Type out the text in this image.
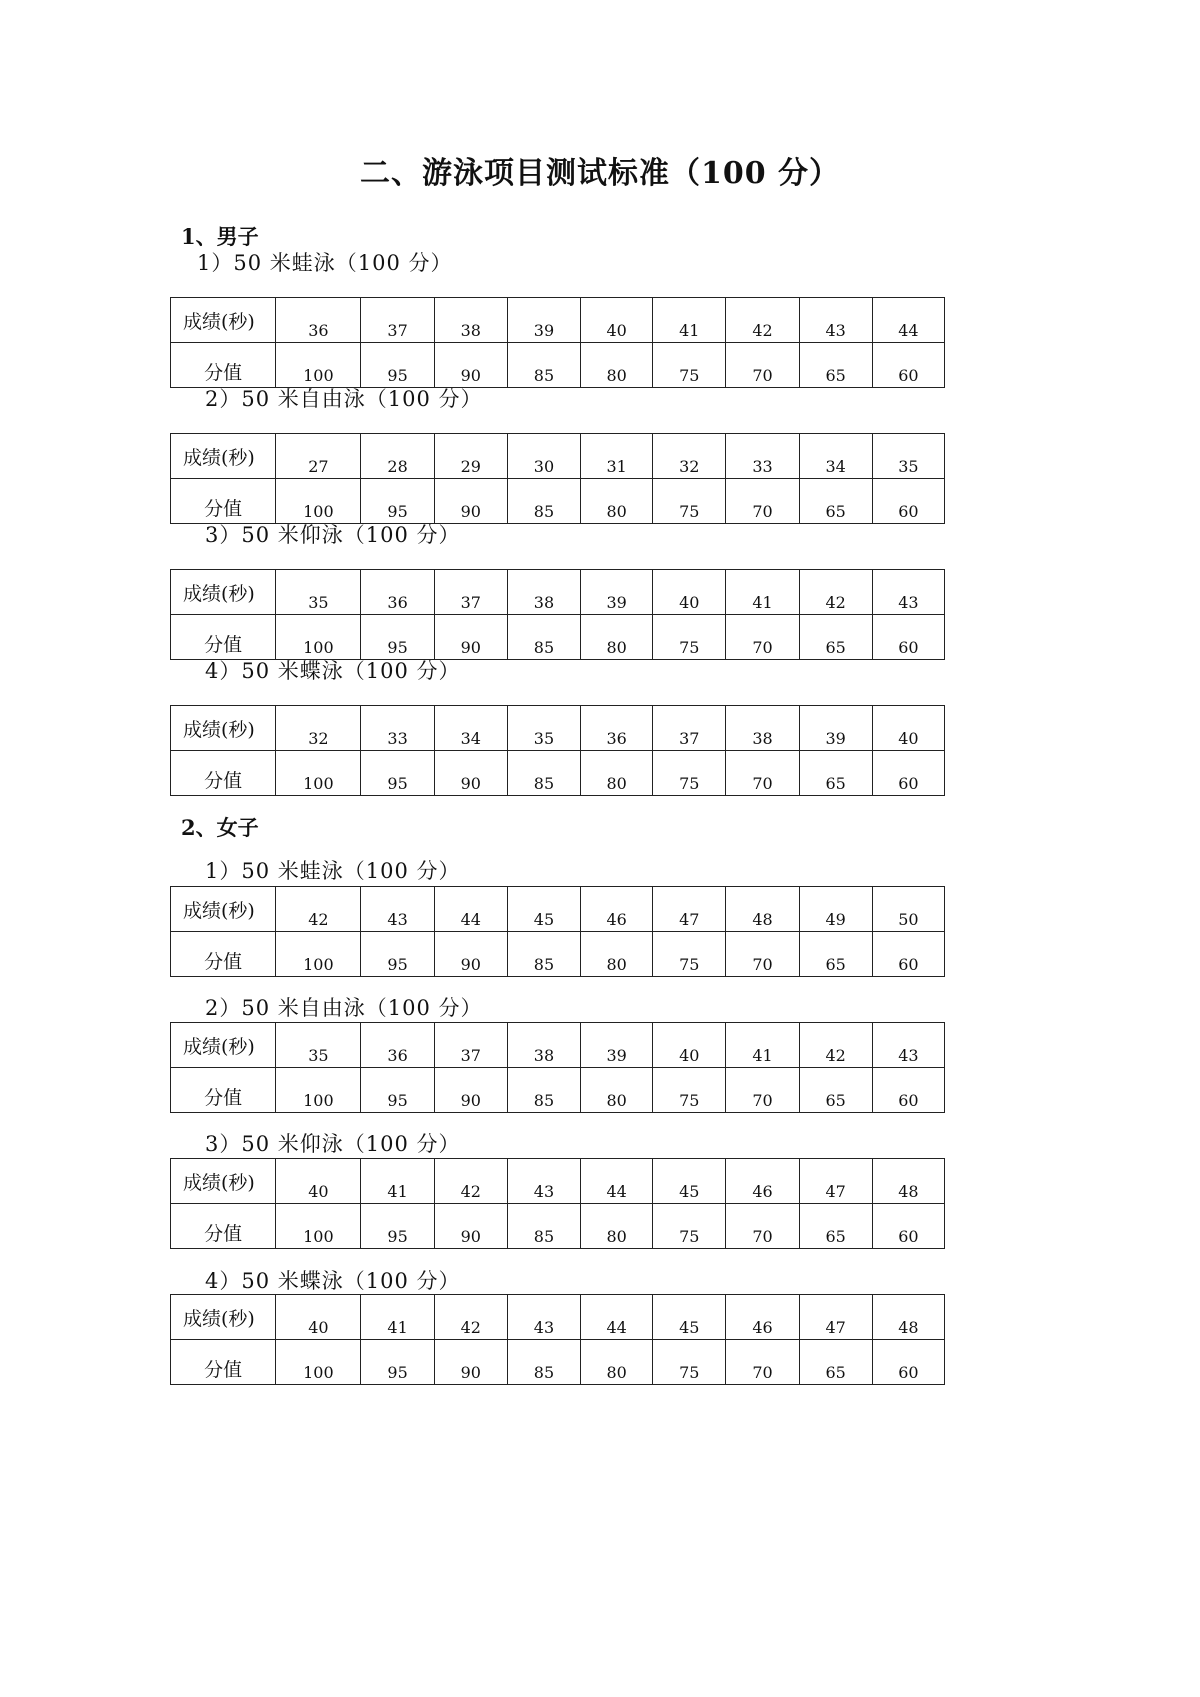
二、游泳项目测试标准（100 分）
1、男子
1）50 米蛙泳（100 分）
成绩(秒)	36	37	38	39	40	41	42	43	44
分值	100	95	90	85	80	75	70	65	60
2）50 米自由泳（100 分）
成绩(秒)	27	28	29	30	31	32	33	34	35
分值	100	95	90	85	80	75	70	65	60
3）50 米仰泳（100 分）
成绩(秒)	35	36	37	38	39	40	41	42	43
分值	100	95	90	85	80	75	70	65	60
4）50 米蝶泳（100 分）
成绩(秒)	32	33	34	35	36	37	38	39	40
分值	100	95	90	85	80	75	70	65	60
2、女子
1）50 米蛙泳（100 分）
成绩(秒)	42	43	44	45	46	47	48	49	50
分值	100	95	90	85	80	75	70	65	60
2）50 米自由泳（100 分）
成绩(秒)	35	36	37	38	39	40	41	42	43
分值	100	95	90	85	80	75	70	65	60
3）50 米仰泳（100 分）
成绩(秒)	40	41	42	43	44	45	46	47	48
分值	100	95	90	85	80	75	70	65	60
4）50 米蝶泳（100 分）
成绩(秒)	40	41	42	43	44	45	46	47	48
分值	100	95	90	85	80	75	70	65	60
